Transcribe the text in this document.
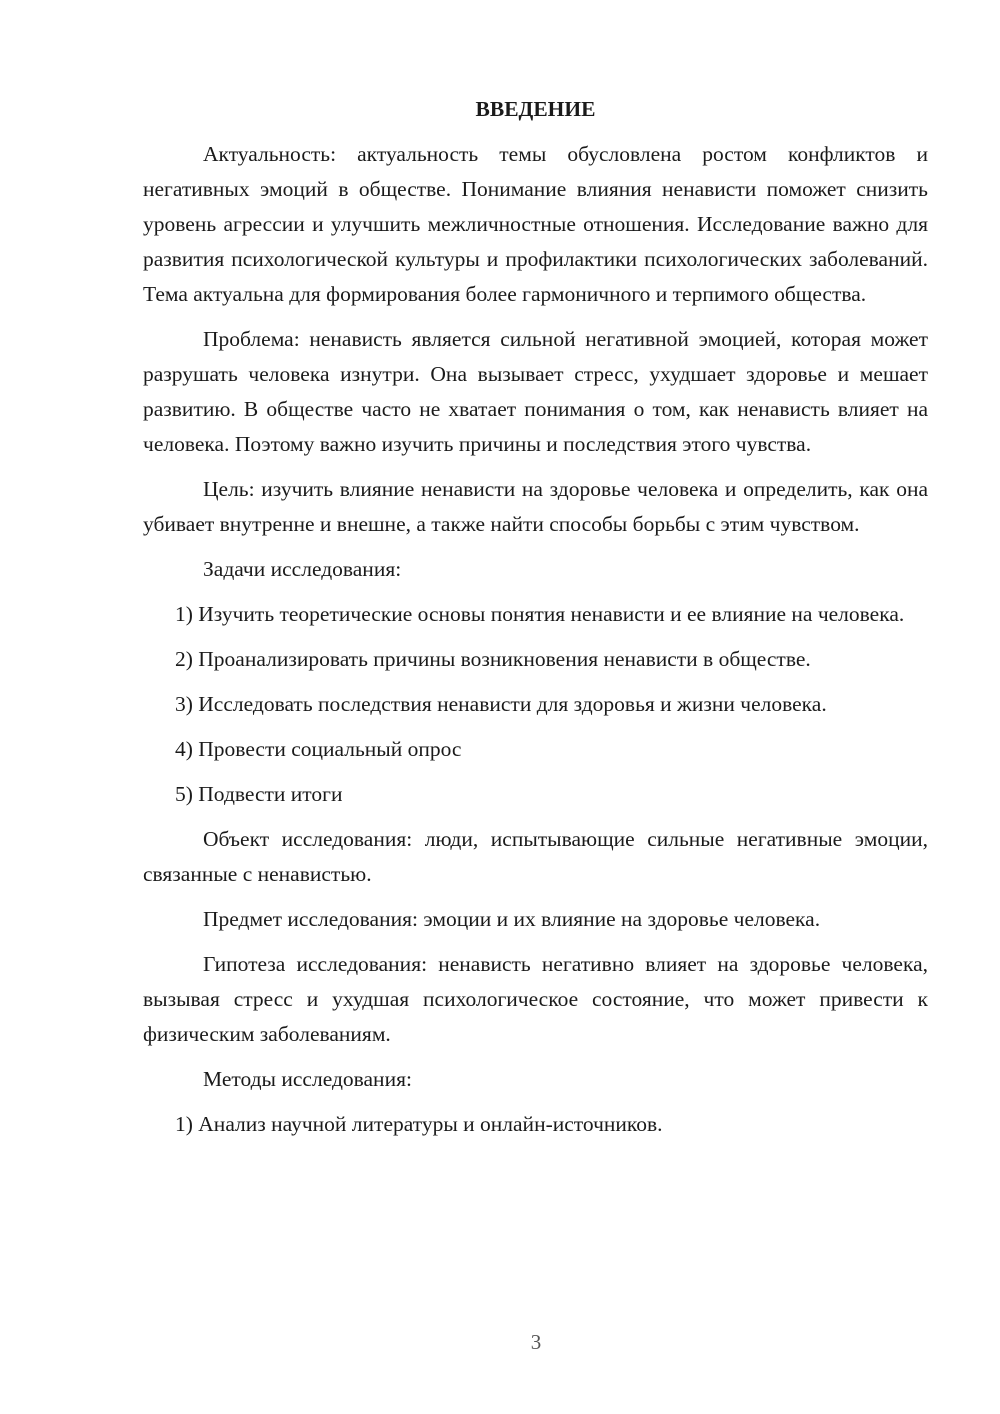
ВВЕДЕНИЕ

Актуальность: актуальность темы обусловлена ростом конфликтов и негативных эмоций в обществе. Понимание влияния ненависти поможет снизить уровень агрессии и улучшить межличностные отношения. Исследование важно для развития психологической культуры и профилактики психологических заболеваний. Тема актуальна для формирования более гармоничного и терпимого общества.

Проблема: ненависть является сильной негативной эмоцией, которая может разрушать человека изнутри. Она вызывает стресс, ухудшает здоровье и мешает развитию. В обществе часто не хватает понимания о том, как ненависть влияет на человека. Поэтому важно изучить причины и последствия этого чувства.

Цель: изучить влияние ненависти на здоровье человека и определить, как она убивает внутренне и внешне, а также найти способы борьбы с этим чувством.

Задачи исследования:

1) Изучить теоретические основы понятия ненависти и ее влияние на человека.

2) Проанализировать причины возникновения ненависти в обществе.

3) Исследовать последствия ненависти для здоровья и жизни человека.

4) Провести социальный опрос

5) Подвести итоги

Объект исследования: люди, испытывающие сильные негативные эмоции, связанные с ненавистью.

Предмет исследования: эмоции и их влияние на здоровье человека.

Гипотеза исследования: ненависть негативно влияет на здоровье человека, вызывая стресс и ухудшая психологическое состояние, что может привести к физическим заболеваниям.

Методы исследования:

1) Анализ научной литературы и онлайн-источников.

3
